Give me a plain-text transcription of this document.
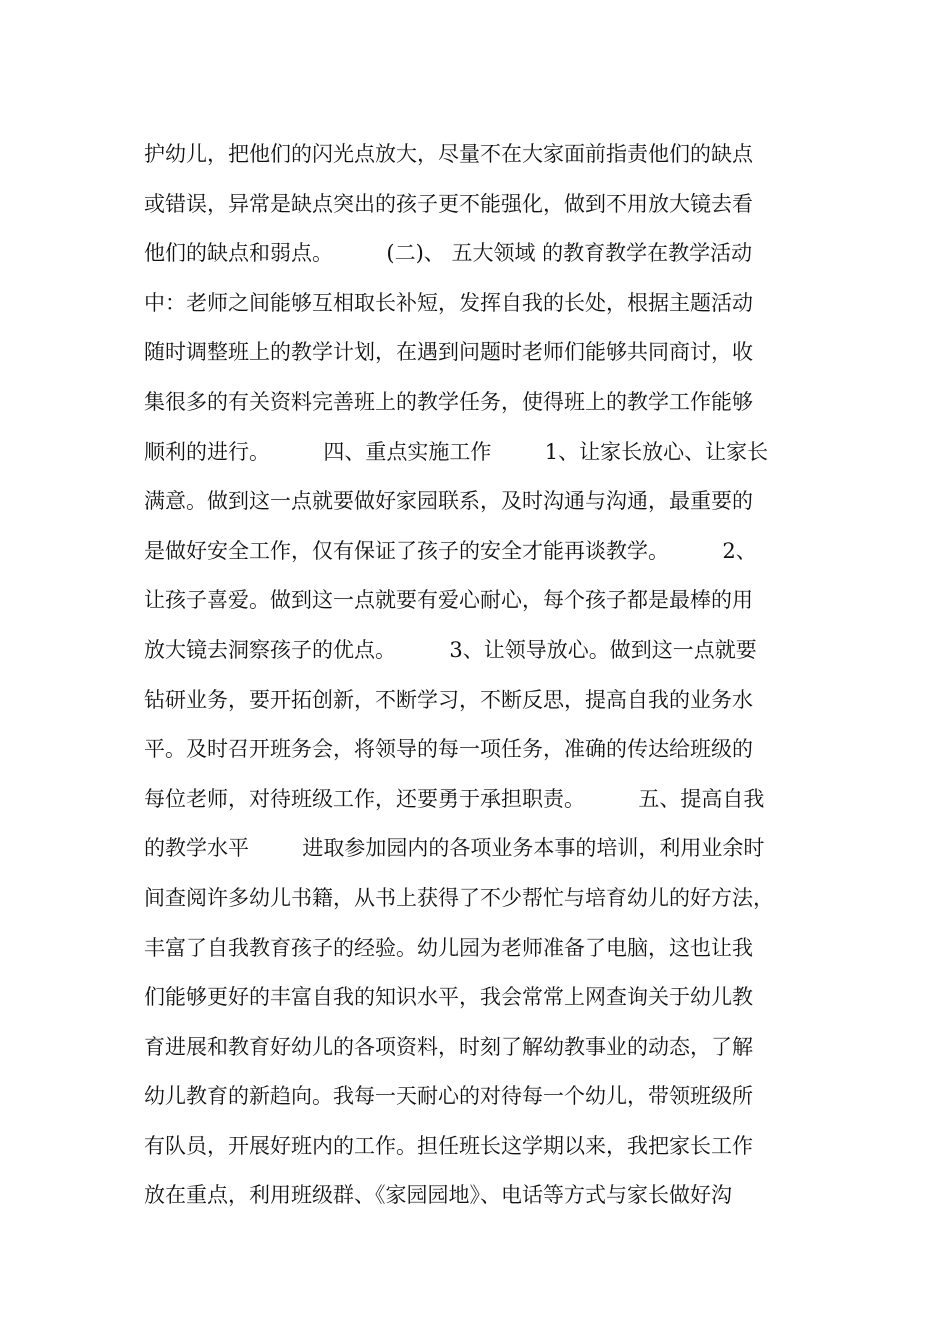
护幼儿，把他们的闪光点放大，尽量不在大家面前指责他们的缺点
或错误，异常是缺点突出的孩子更不能强化，做到不用放大镜去看
他们的缺点和弱点。        (二)、 五大领域 的教育教学在教学活动
中：老师之间能够互相取长补短，发挥自我的长处，根据主题活动
随时调整班上的教学计划，在遇到问题时老师们能够共同商讨，收
集很多的有关资料完善班上的教学任务，使得班上的教学工作能够
顺利的进行。        四、重点实施工作        1、让家长放心、让家长
满意。做到这一点就要做好家园联系，及时沟通与沟通，最重要的
是做好安全工作，仅有保证了孩子的安全才能再谈教学。        2、
让孩子喜爱。做到这一点就要有爱心耐心，每个孩子都是最棒的用
放大镜去洞察孩子的优点。        3、让领导放心。做到这一点就要
钻研业务，要开拓创新，不断学习，不断反思，提高自我的业务水
平。及时召开班务会，将领导的每一项任务，准确的传达给班级的
每位老师，对待班级工作，还要勇于承担职责。        五、提高自我
的教学水平        进取参加园内的各项业务本事的培训，利用业余时
间查阅许多幼儿书籍，从书上获得了不少帮忙与培育幼儿的好方法，
丰富了自我教育孩子的经验。幼儿园为老师准备了电脑，这也让我
们能够更好的丰富自我的知识水平，我会常常上网查询关于幼儿教
育进展和教育好幼儿的各项资料，时刻了解幼教事业的动态，了解
幼儿教育的新趋向。我每一天耐心的对待每一个幼儿，带领班级所
有队员，开展好班内的工作。担任班长这学期以来，我把家长工作
放在重点，利用班级群、《家园园地》、电话等方式与家长做好沟
